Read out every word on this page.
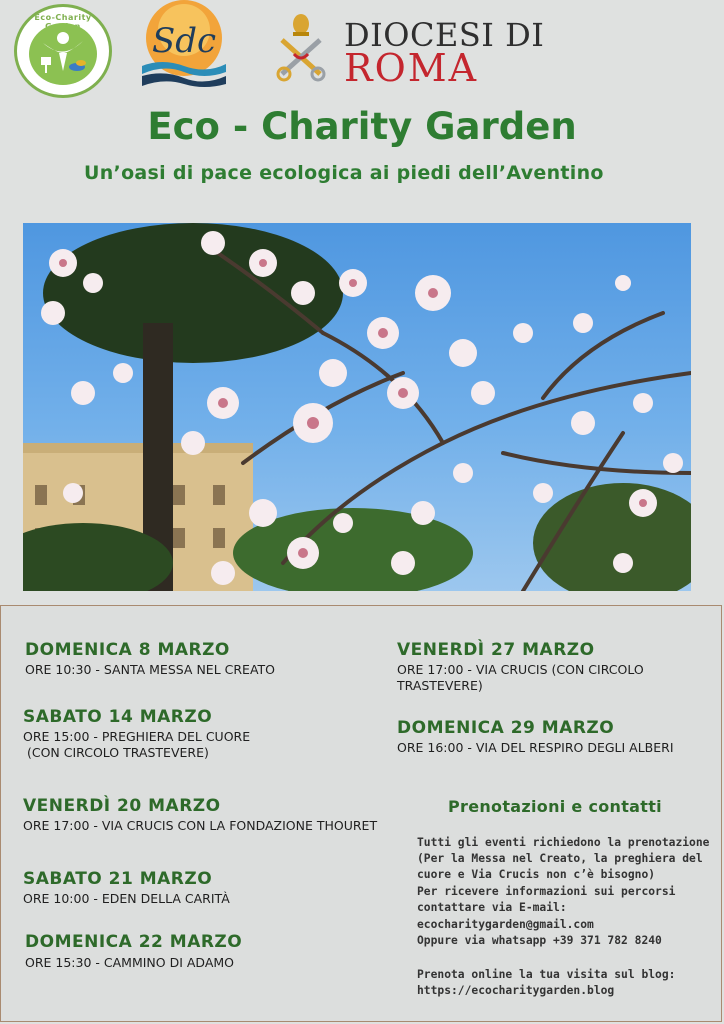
Eco-Charity
Sdc	DIOCESI DI
ROMA
Eco - Charity Garden
Un’oasi di pace ecologica ai piedi dell’Aventino
DOMENICA 8 MARZO
ORE 10:30 - SANTA MESSA NEL CREATO
SABATO 14 MARZO
ORE 15:00 - PREGHIERA DEL CUORE
(CON CIRCOLO TRASTEVERE)
VENERDÌ 20 MARZO
ORE 17:00 - VIA CRUCIS CON LA FONDAZIONE THOURET
SABATO 21 MARZO
ORE 10:00 - EDEN DELLA CARITÀ
DOMENICA 22 MARZO
ORE 15:30 - CAMMINO DI ADAMO
VENERDÌ 27 MARZO
ORE 17:00 - VIA CRUCIS (CON CIRCOLO
TRASTEVERE)
DOMENICA 29 MARZO
ORE 16:00 - VIA DEL RESPIRO DEGLI ALBERI
Prenotazioni e contatti
Tutti gli eventi richiedono la prenotazione
(Per la Messa nel Creato, la preghiera del
cuore e Via Crucis non c’è bisogno)
Per ricevere informazioni sui percorsi
contattare via E-mail:
ecocharitygarden@gmail.com
Oppure via whatsapp +39 371 782 8240
Prenota online la tua visita sul blog:
https://ecocharitygarden.blog
